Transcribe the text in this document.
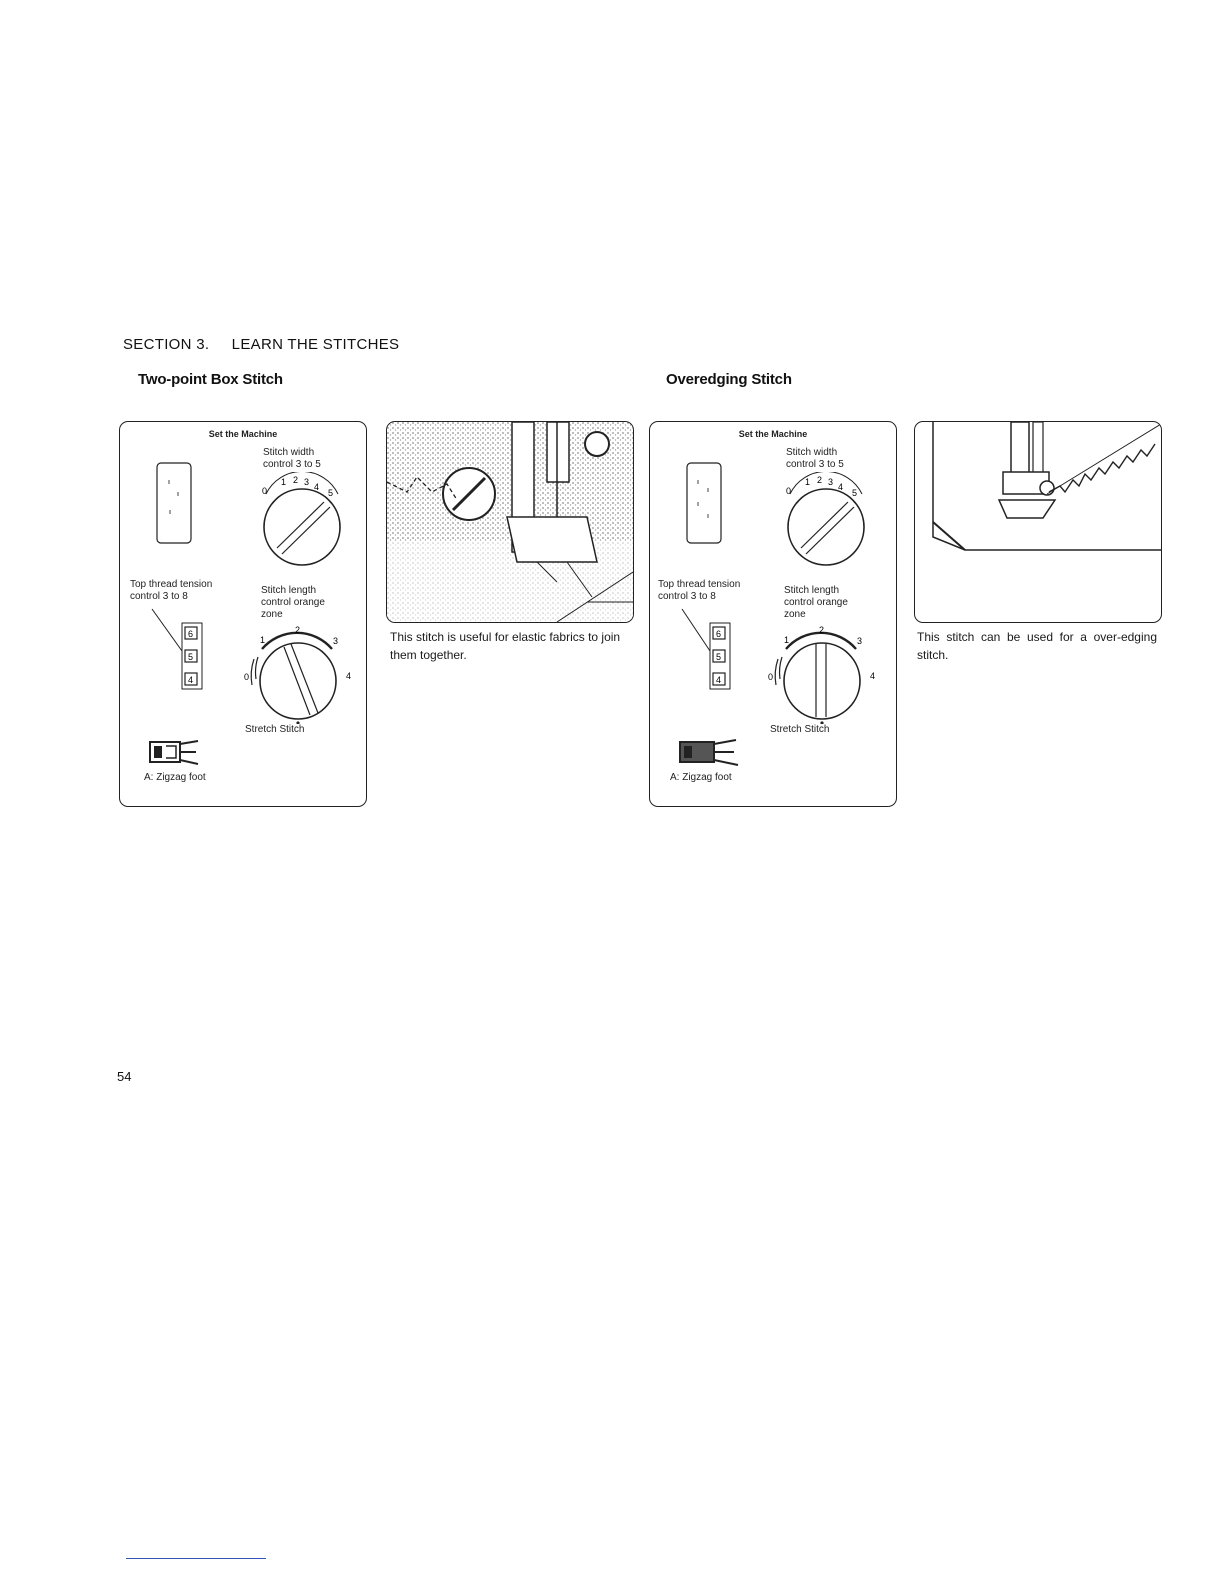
SECTION 3.     LEARN THE STITCHES
Two-point Box Stitch
Set the Machine
Stitch width
control 3 to 5
0
1 2 3 4
5
Top thread tension
control 3 to 8
Stitch length
control orange
zone
6
5
4
1
2
3
0	4
Stretch Stitch
A: Zigzag foot
This stitch is useful for elastic fabrics to join them together.
Overedging Stitch
Set the Machine
Stitch width
control 3 to 5
0
1 2 3 4
5
Top thread tension
control 3 to 8
Stitch length
control orange
zone
6
5
4
1
2
3
0	4
Stretch Stitch
A: Zigzag foot
This stitch can be used for a over-edging stitch.
54
